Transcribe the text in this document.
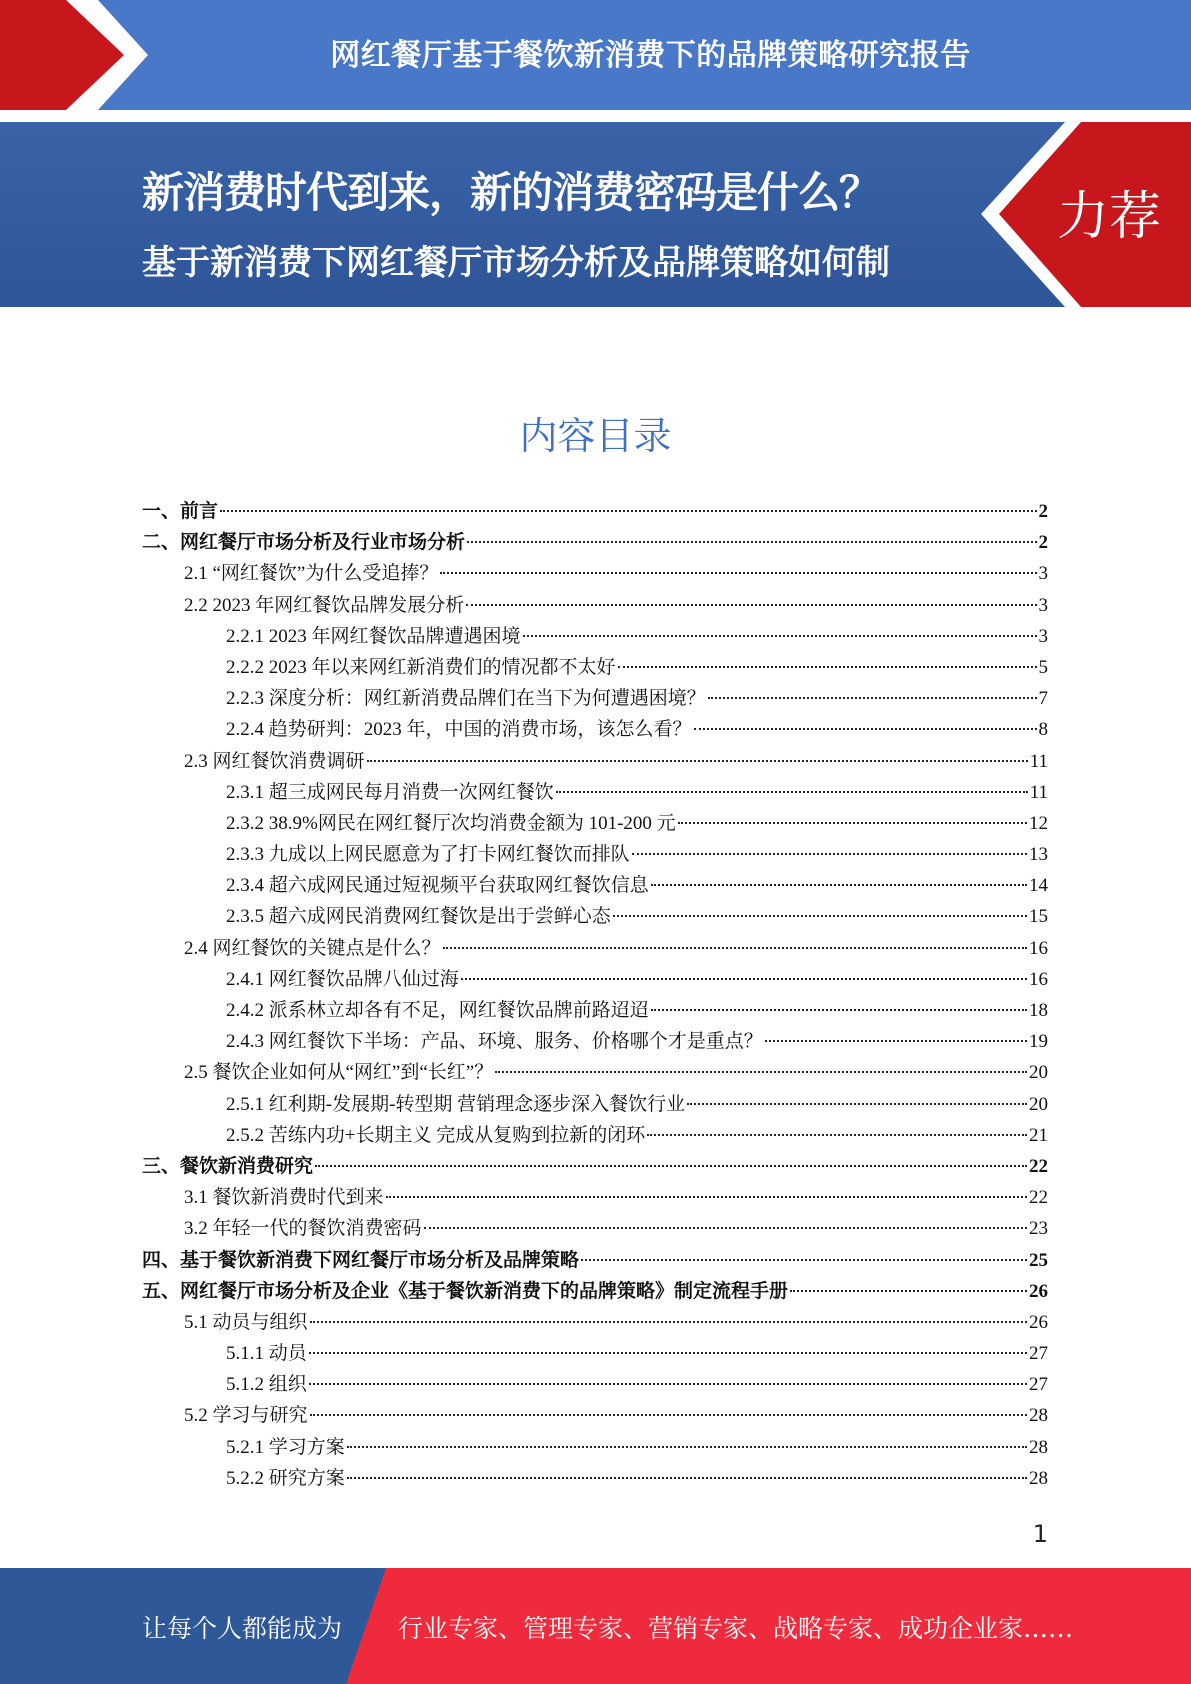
网红餐厅基于餐饮新消费下的品牌策略研究报告
新消费时代到来，新的消费密码是什么？
基于新消费下网红餐厅市场分析及品牌策略如何制定？？？
力荐
内容目录
一、前言	2
二、网红餐厅市场分析及行业市场分析	2
2.1 “网红餐饮”为什么受追捧？	3
2.2 2023 年网红餐饮品牌发展分析	3
2.2.1 2023 年网红餐饮品牌遭遇困境	3
2.2.2 2023 年以来网红新消费们的情况都不太好	5
2.2.3 深度分析：网红新消费品牌们在当下为何遭遇困境？	7
2.2.4 趋势研判：2023 年，中国的消费市场，该怎么看？	8
2.3 网红餐饮消费调研	11
2.3.1 超三成网民每月消费一次网红餐饮	11
2.3.2 38.9%网民在网红餐厅次均消费金额为 101-200 元	12
2.3.3 九成以上网民愿意为了打卡网红餐饮而排队	13
2.3.4 超六成网民通过短视频平台获取网红餐饮信息	14
2.3.5 超六成网民消费网红餐饮是出于尝鲜心态	15
2.4 网红餐饮的关键点是什么？	16
2.4.1 网红餐饮品牌八仙过海	16
2.4.2 派系林立却各有不足，网红餐饮品牌前路迢迢	18
2.4.3 网红餐饮下半场：产品、环境、服务、价格哪个才是重点？	19
2.5 餐饮企业如何从“网红”到“长红”？	20
2.5.1 红利期-发展期-转型期 营销理念逐步深入餐饮行业	20
2.5.2 苦练内功+长期主义 完成从复购到拉新的闭环	21
三、餐饮新消费研究	22
3.1 餐饮新消费时代到来	22
3.2 年轻一代的餐饮消费密码	23
四、基于餐饮新消费下网红餐厅市场分析及品牌策略	25
五、网红餐厅市场分析及企业《基于餐饮新消费下的品牌策略》制定流程手册	26
5.1 动员与组织	26
5.1.1 动员	27
5.1.2 组织	27
5.2 学习与研究	28
5.2.1 学习方案	28
5.2.2 研究方案	28
1
让每个人都能成为 行业专家、管理专家、营销专家、战略专家、成功企业家……
